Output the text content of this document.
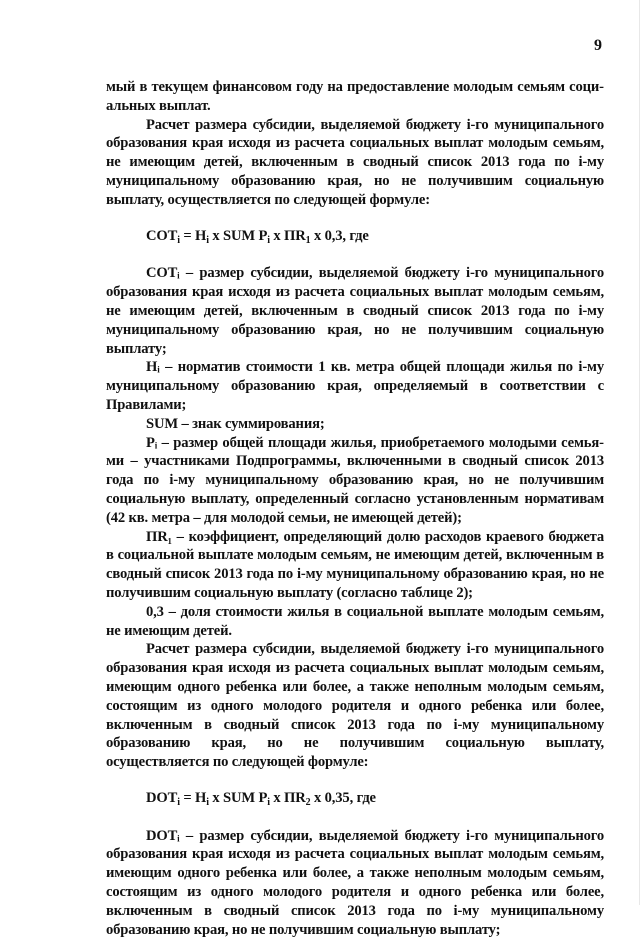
9

мый в текущем финансовом году на предоставление молодым семьям социальных выплат.

Расчет размера субсидии, выделяемой бюджету і-го муниципального образования края исходя из расчета социальных выплат молодым семьям, не имеющим детей, включенным в сводный список 2013 года по і-му муниципальному образованию края, но не получившим социальную выплату, осуществляется по следующей формуле:

$СОТ_i = H_i$ x SUM $P_i$ x $ПR_1$ x 0,3, где

СОТᵢ – размер субсидии, выделяемой бюджету і-го муниципального образования края исходя из расчета социальных выплат молодым семьям, не имеющим детей, включенным в сводный список 2013 года по і-му муниципальному образованию края, но не получившим социальную выплату;

Нᵢ – норматив стоимости 1 кв. метра общей площади жилья по і-му муниципальному образованию края, определяемый в соответствии с Правилами;

SUM – знак суммирования;

Рᵢ – размер общей площади жилья, приобретаемого молодыми семьями – участниками Подпрограммы, включенными в сводный список 2013 года по і-му муниципальному образованию края, но не получившим социальную выплату, определенный согласно установленным нормативам (42 кв. метра – для молодой семьи, не имеющей детей);

ПR₁ – коэффициент, определяющий долю расходов краевого бюджета в социальной выплате молодым семьям, не имеющим детей, включенным в сводный список 2013 года по і-му муниципальному образованию края, но не получившим социальную выплату (согласно таблице 2);

0,3 – доля стоимости жилья в социальной выплате молодым семьям, не имеющим детей.

Расчет размера субсидии, выделяемой бюджету і-го муниципального образования края исходя из расчета социальных выплат молодым семьям, имеющим одного ребенка или более, а также неполным молодым семьям, состоящим из одного молодого родителя и одного ребенка или более, включенным в сводный список 2013 года по і-му муниципальному образованию края, но не получившим социальную выплату, осуществляется по следующей формуле:

$DOT_i = H_i$ x SUM $P_i$ x $ПR_2$ x 0,35, где

DOTᵢ – размер субсидии, выделяемой бюджету і-го муниципального образования края исходя из расчета социальных выплат молодым семьям, имеющим одного ребенка или более, а также неполным молодым семьям, состоящим из одного молодого родителя и одного ребенка или более, включенным в сводный список 2013 года по і-му муниципальному образованию края, но не получившим социальную выплату;
